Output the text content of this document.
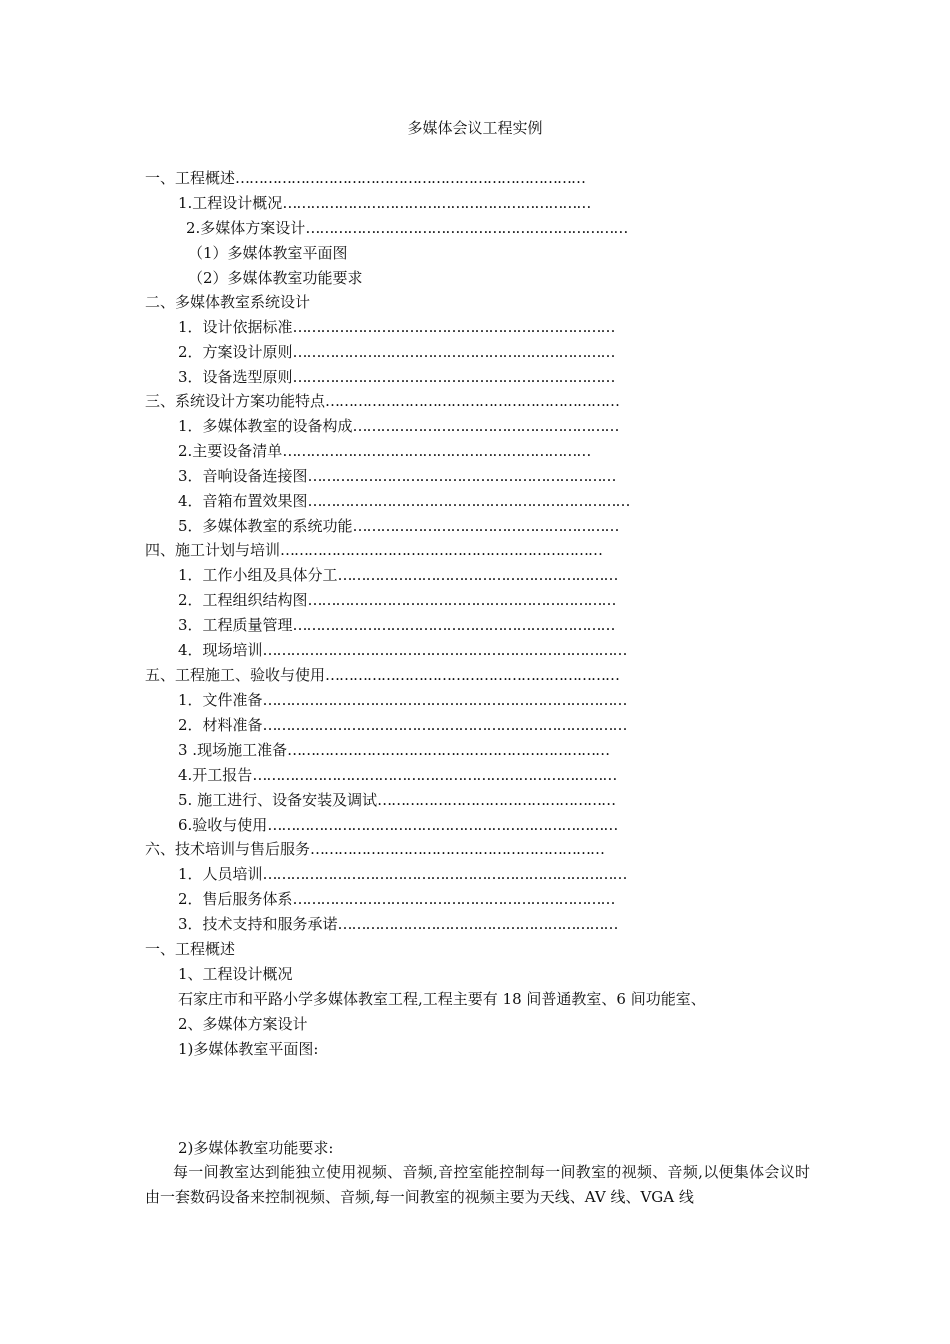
多媒体会议工程实例
一、工程概述…………………………………………………………………
1.工程设计概况…………………………………………………………
2.多媒体方案设计……………………………………………………………
（1）多媒体教室平面图
（2）多媒体教室功能要求
二、多媒体教室系统设计
1．设计依据标准……………………………………………………………
2．方案设计原则……………………………………………………………
3．设备选型原则……………………………………………………………
三、系统设计方案功能特点………………………………………………………
1．多媒体教室的设备构成…………………………………………………
2.主要设备清单…………………………………………………………
3．音响设备连接图…………………………………………………………
4．音箱布置效果图……………………………………………………………
5．多媒体教室的系统功能…………………………………………………
四、施工计划与培训……………………………………………………………
1．工作小组及具体分工……………………………………………………
2．工程组织结构图…………………………………………………………
3．工程质量管理……………………………………………………………
4．现场培训……………………………………………………………………
五、工程施工、验收与使用………………………………………………………
1．文件准备……………………………………………………………………
2．材料准备……………………………………………………………………
3 .现场施工准备……………………………………………………………
4.开工报告……………………………………………………………………
5. 施工进行、设备安装及调试……………………………………………
6.验收与使用…………………………………………………………………
六、技术培训与售后服务………………………………………………………
1．人员培训……………………………………………………………………
2．售后服务体系……………………………………………………………
3．技术支持和服务承诺……………………………………………………
一、工程概述
1、工程设计概况
石家庄市和平路小学多媒体教室工程,工程主要有 18 间普通教室、6 间功能室、
2、多媒体方案设计
1)多媒体教室平面图:
2)多媒体教室功能要求:
每一间教室达到能独立使用视频、音频,音控室能控制每一间教室的视频、音频,以便集体会议时由一套数码设备来控制视频、音频,每一间教室的视频主要为天线、AV 线、VGA 线
